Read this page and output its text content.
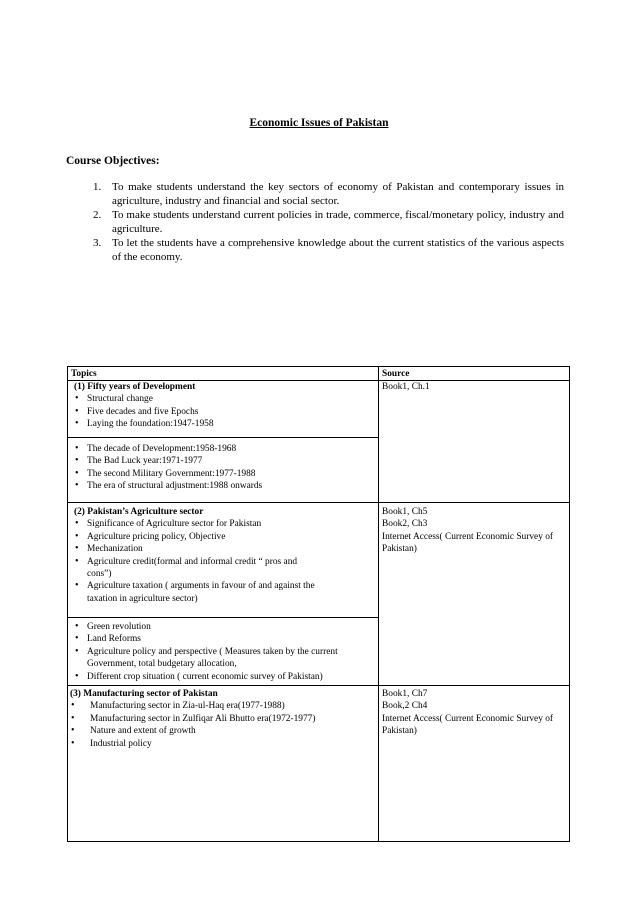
Economic Issues of Pakistan
Course Objectives:
1. To make students understand the key sectors of economy of Pakistan and contemporary issues in agriculture, industry and financial and social sector.
2. To make students understand current policies in trade, commerce, fiscal/monetary policy, industry and agriculture.
3. To let the students have a comprehensive knowledge about the current statistics of the various aspects of the economy.
Topics	Source
(1) Fifty years of Development
• Structural change
• Five decades and five Epochs
• Laying the foundation:1947-1958
• The decade of Development:1958-1968
• The Bad Luck year:1971-1977
• The second Military Government:1977-1988
• The era of structural adjustment:1988 onwards
Book1, Ch.1
(2) Pakistan’s Agriculture sector
• Significance of Agriculture sector for Pakistan
• Agriculture pricing policy, Objective
• Mechanization
• Agriculture credit(formal and informal credit “ pros and cons”)
• Agriculture taxation ( arguments in favour of and against the taxation in agriculture sector)
• Green revolution
• Land Reforms
• Agriculture policy and perspective ( Measures taken by the current Government, total budgetary allocation,
• Different crop situation ( current economic survey of Pakistan)
Book1, Ch5
Book2, Ch3
Internet Access( Current Economic Survey of Pakistan)
(3) Manufacturing sector of Pakistan
• Manufacturing sector in Zia-ul-Haq era(1977-1988)
• Manufacturing sector in Zulfiqar Ali Bhutto era(1972-1977)
• Nature and extent of growth
• Industrial policy
Book1, Ch7
Book,2 Ch4
Internet Access( Current Economic Survey of Pakistan)
